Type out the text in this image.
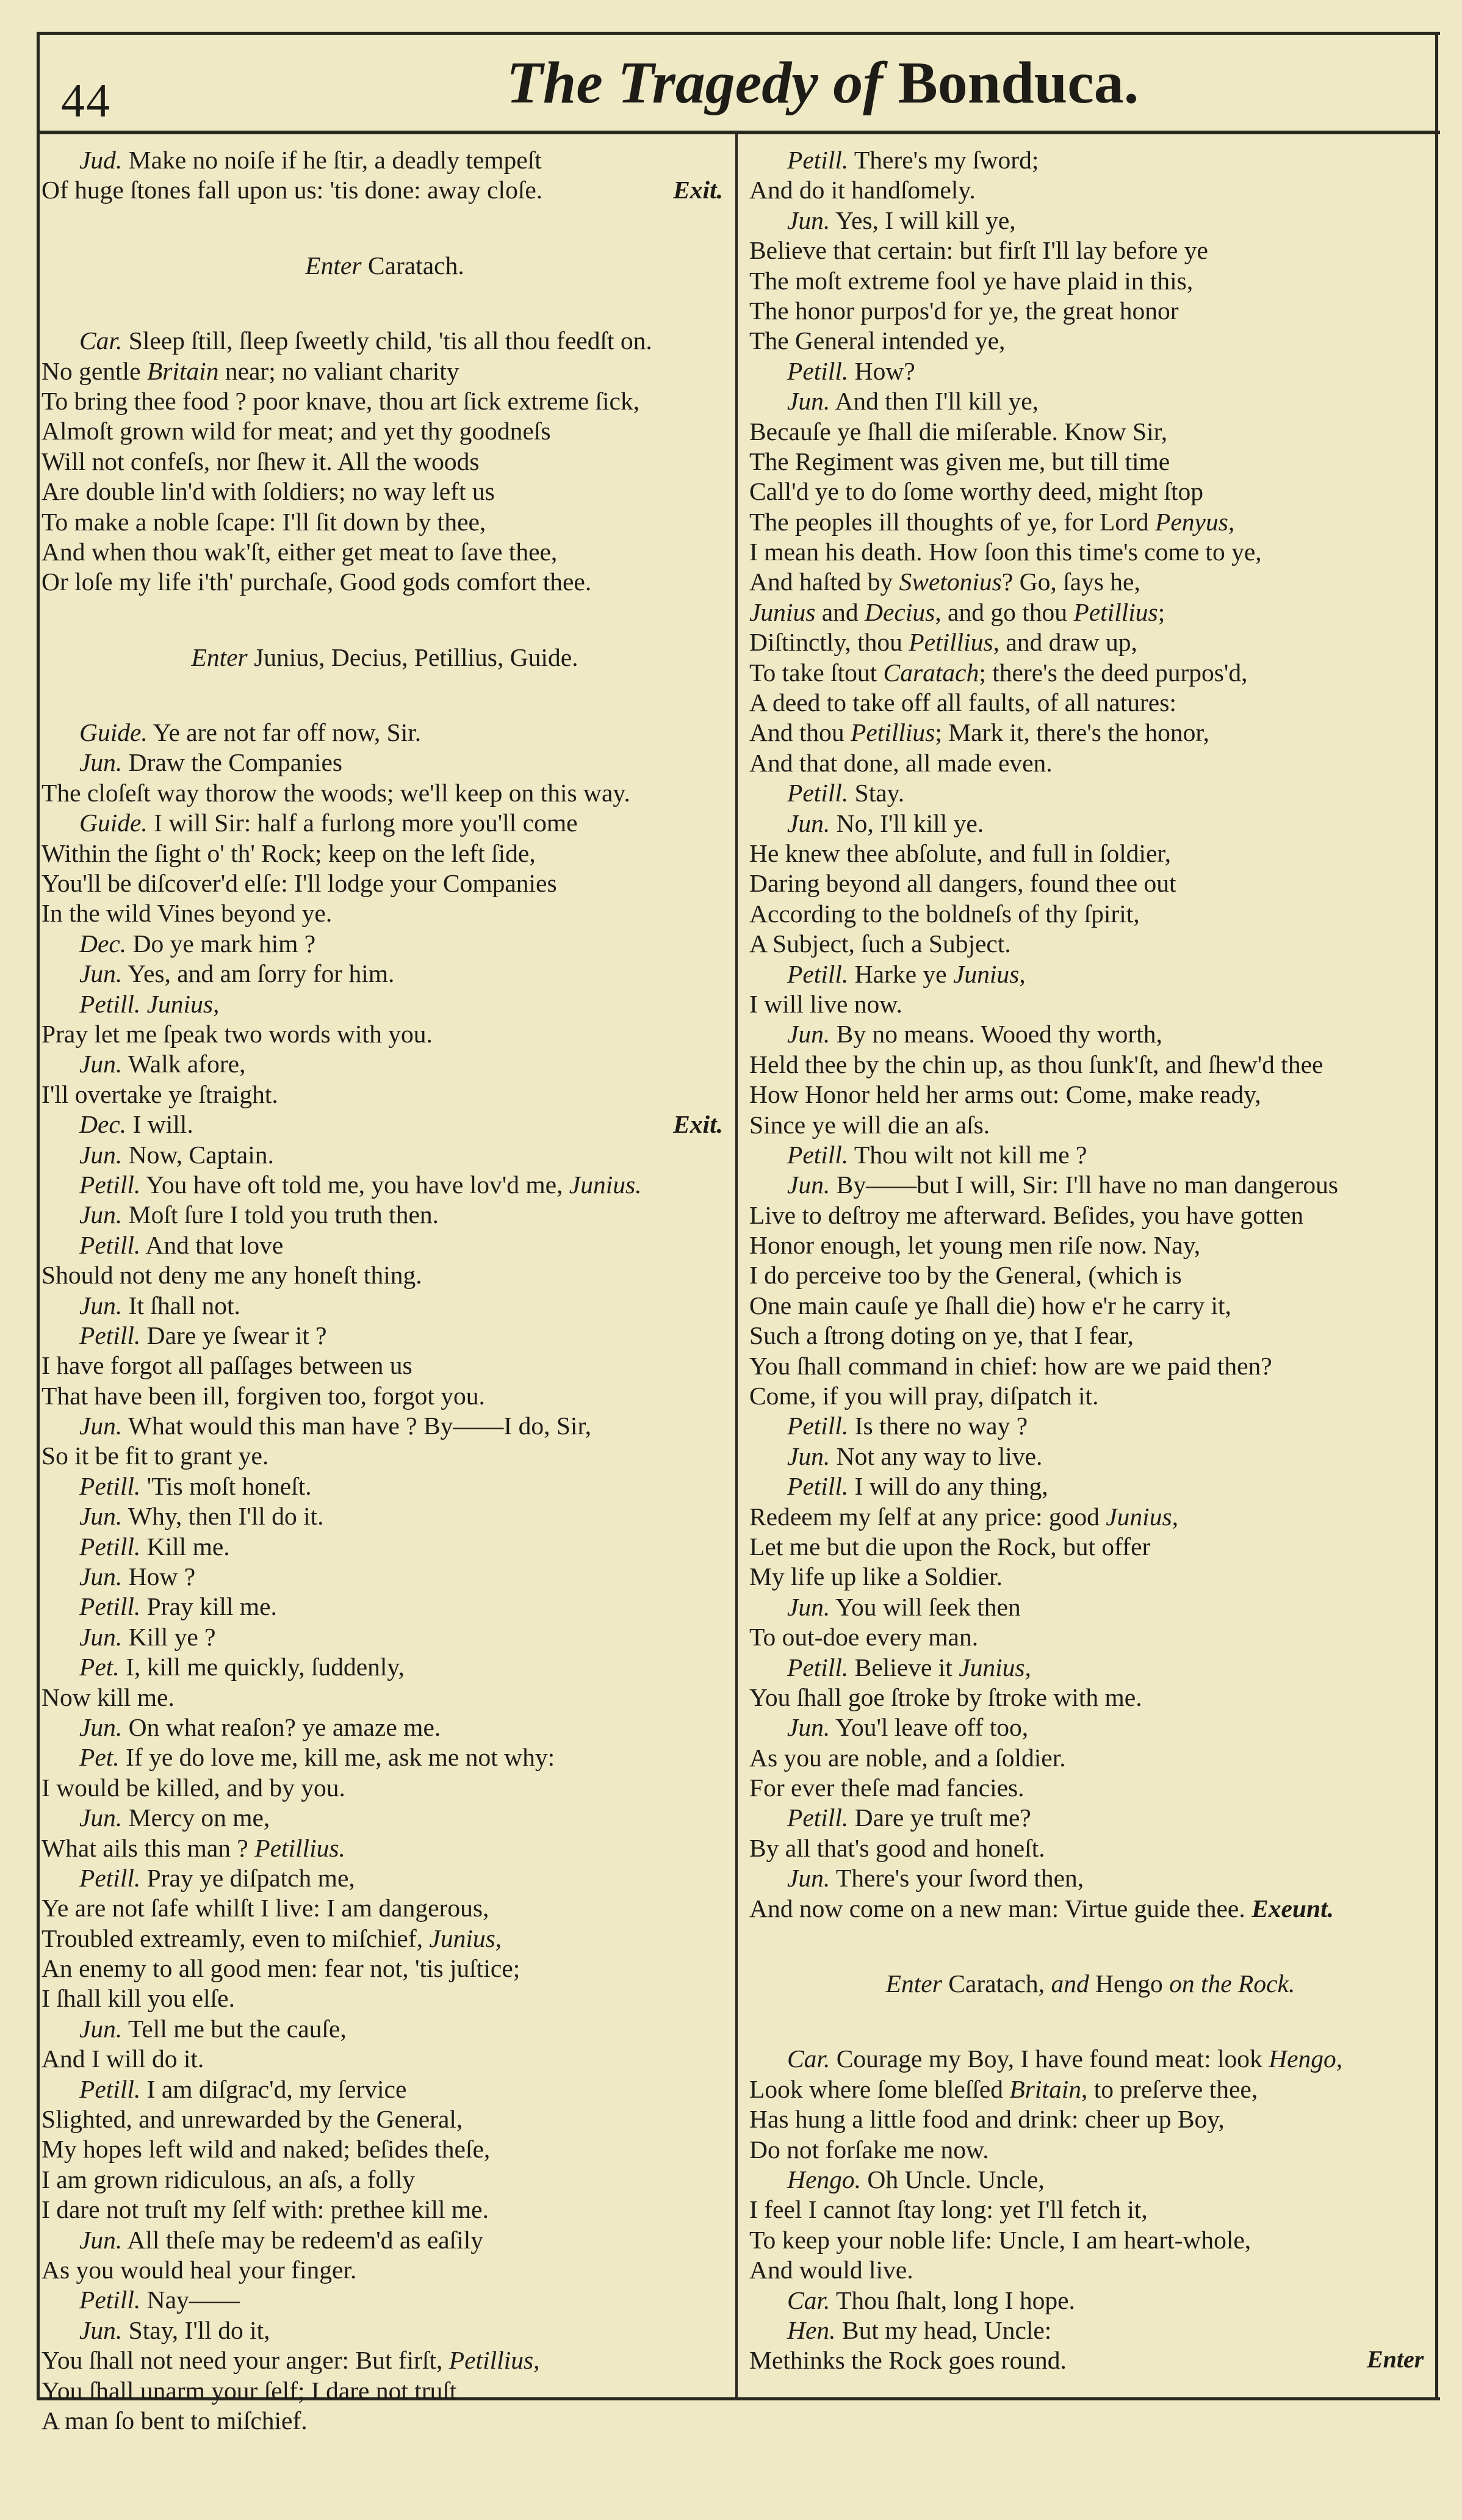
44	The Tragedy of Bonduca.
Jud. Make no noiſe if he ſtir, a deadly tempeſt
Of huge ſtones fall upon us: 'tis done: away cloſe.	Exit.
Enter Caratach.
Car. Sleep ſtill, ſleep ſweetly child, 'tis all thou feedſt on.
No gentle Britain near; no valiant charity
To bring thee food ? poor knave, thou art ſick extreme ſick,
Almoſt grown wild for meat; and yet thy goodneſs
Will not confeſs, nor ſhew it. All the woods
Are double lin'd with ſoldiers; no way left us
To make a noble ſcape: I'll ſit down by thee,
And when thou wak'ſt, either get meat to ſave thee,
Or loſe my life i'th' purchaſe, Good gods comfort thee.
Enter Junius, Decius, Petillius, Guide.
Guide. Ye are not far off now, Sir.
Jun. Draw the Companies
The cloſeſt way thorow the woods; we'll keep on this way.
Guide. I will Sir: half a furlong more you'll come
Within the ſight o' th' Rock; keep on the left ſide,
You'll be diſcover'd elſe: I'll lodge your Companies
In the wild Vines beyond ye.
Dec. Do ye mark him ?
Jun. Yes, and am ſorry for him.
Petill. Junius,
Pray let me ſpeak two words with you.
Jun. Walk afore,
I'll overtake ye ſtraight.
Dec. I will.	Exit.
Jun. Now, Captain.
Petill. You have oft told me, you have lov'd me, Junius.
Jun. Moſt ſure I told you truth then.
Petill. And that love
Should not deny me any honeſt thing.
Jun. It ſhall not.
Petill. Dare ye ſwear it ?
I have forgot all paſſages between us
That have been ill, forgiven too, forgot you.
Jun. What would this man have ? By——I do, Sir,
So it be fit to grant ye.
Petill. 'Tis moſt honeſt.
Jun. Why, then I'll do it.
Petill. Kill me.
Jun. How ?
Petill. Pray kill me.
Jun. Kill ye ?
Pet. I, kill me quickly, ſuddenly,
Now kill me.
Jun. On what reaſon? ye amaze me.
Pet. If ye do love me, kill me, ask me not why:
I would be killed, and by you.
Jun. Mercy on me,
What ails this man ? Petillius.
Petill. Pray ye diſpatch me,
Ye are not ſafe whilſt I live: I am dangerous,
Troubled extreamly, even to miſchief, Junius,
An enemy to all good men: fear not, 'tis juſtice;
I ſhall kill you elſe.
Jun. Tell me but the cauſe,
And I will do it.
Petill. I am diſgrac'd, my ſervice
Slighted, and unrewarded by the General,
My hopes left wild and naked; beſides theſe,
I am grown ridiculous, an aſs, a folly
I dare not truſt my ſelf with: prethee kill me.
Jun. All theſe may be redeem'd as eaſily
As you would heal your finger.
Petill. Nay——
Jun. Stay, I'll do it,
You ſhall not need your anger: But firſt, Petillius,
You ſhall unarm your ſelf; I dare not truſt
A man ſo bent to miſchief.
Petill. There's my ſword;
And do it handſomely.
Jun. Yes, I will kill ye,
Believe that certain: but firſt I'll lay before ye
The moſt extreme fool ye have plaid in this,
The honor purpos'd for ye, the great honor
The General intended ye,
Petill. How?
Jun. And then I'll kill ye,
Becauſe ye ſhall die miſerable. Know Sir,
The Regiment was given me, but till time
Call'd ye to do ſome worthy deed, might ſtop
The peoples ill thoughts of ye, for Lord Penyus,
I mean his death. How ſoon this time's come to ye,
And haſted by Swetonius? Go, ſays he,
Junius and Decius, and go thou Petillius;
Diſtinctly, thou Petillius, and draw up,
To take ſtout Caratach; there's the deed purpos'd,
A deed to take off all faults, of all natures:
And thou Petillius; Mark it, there's the honor,
And that done, all made even.
Petill. Stay.
Jun. No, I'll kill ye.
He knew thee abſolute, and full in ſoldier,
Daring beyond all dangers, found thee out
According to the boldneſs of thy ſpirit,
A Subject, ſuch a Subject.
Petill. Harke ye Junius,
I will live now.
Jun. By no means. Wooed thy worth,
Held thee by the chin up, as thou ſunk'ſt, and ſhew'd thee
How Honor held her arms out: Come, make ready,
Since ye will die an aſs.
Petill. Thou wilt not kill me ?
Jun. By——but I will, Sir: I'll have no man dangerous
Live to deſtroy me afterward. Beſides, you have gotten
Honor enough, let young men riſe now. Nay,
I do perceive too by the General, (which is
One main cauſe ye ſhall die) how e'r he carry it,
Such a ſtrong doting on ye, that I fear,
You ſhall command in chief: how are we paid then?
Come, if you will pray, diſpatch it.
Petill. Is there no way ?
Jun. Not any way to live.
Petill. I will do any thing,
Redeem my ſelf at any price: good Junius,
Let me but die upon the Rock, but offer
My life up like a Soldier.
Jun. You will ſeek then
To out-doe every man.
Petill. Believe it Junius,
You ſhall goe ſtroke by ſtroke with me.
Jun. You'l leave off too,
As you are noble, and a ſoldier.
For ever theſe mad fancies.
Petill. Dare ye truſt me?
By all that's good and honeſt.
Jun. There's your ſword then,
And now come on a new man: Virtue guide thee. Exeunt.
Enter Caratach, and Hengo on the Rock.
Car. Courage my Boy, I have found meat: look Hengo,
Look where ſome bleſſed Britain, to preſerve thee,
Has hung a little food and drink: cheer up Boy,
Do not forſake me now.
Hengo. Oh Uncle. Uncle,
I feel I cannot ſtay long: yet I'll fetch it,
To keep your noble life: Uncle, I am heart-whole,
And would live.
Car. Thou ſhalt, long I hope.
Hen. But my head, Uncle:
Methinks the Rock goes round.	Enter
